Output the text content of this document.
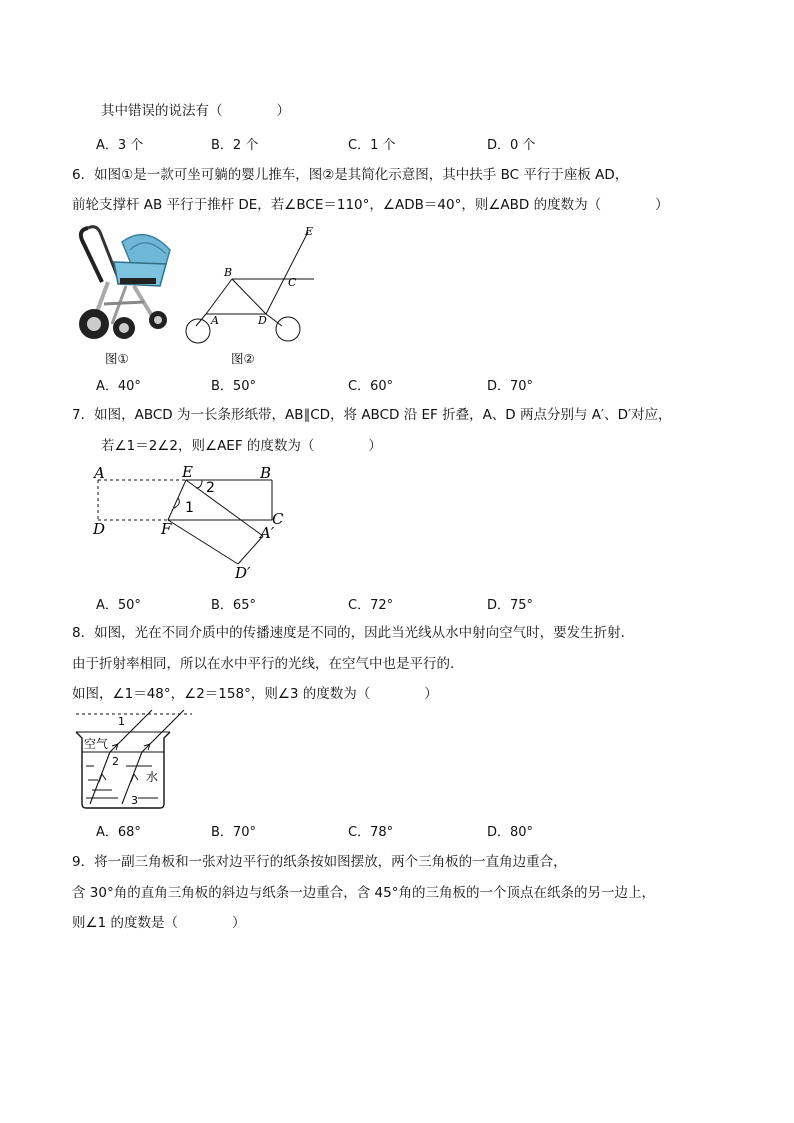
其中错误的说法有（　　　　）
A．3 个	B．2 个	C．1 个	D．0 个
6．如图①是一款可坐可躺的婴儿推车，图②是其简化示意图，其中扶手 BC 平行于座板 AD，
前轮支撑杆 AB 平行于推杆 DE，若∠BCE＝110°，∠ADB＝40°，则∠ABD 的度数为（　　　　）
图①
E
B
C
A	D
图②
A．40°	B．50°	C．60°	D．70°
7．如图，ABCD 为一长条形纸带，AB∥CD，将 ABCD 沿 EF 折叠，A、D 两点分别与 A′、D′对应，
若∠1＝2∠2，则∠AEF 的度数为（　　　　）
A	E	B
2
1
D	F
C
A′
D′
A．50°	B．65°	C．72°	D．75°
8．如图，光在不同介质中的传播速度是不同的，因此当光线从水中射向空气时，要发生折射．
由于折射率相同，所以在水中平行的光线，在空气中也是平行的．
如图，∠1＝48°，∠2＝158°，则∠3 的度数为（　　　　）
1
空气
2
水
3
A．68°	B．70°	C．78°	D．80°
9．将一副三角板和一张对边平行的纸条按如图摆放，两个三角板的一直角边重合，
含 30°角的直角三角板的斜边与纸条一边重合，含 45°角的三角板的一个顶点在纸条的另一边上，
则∠1 的度数是（　　　　）
